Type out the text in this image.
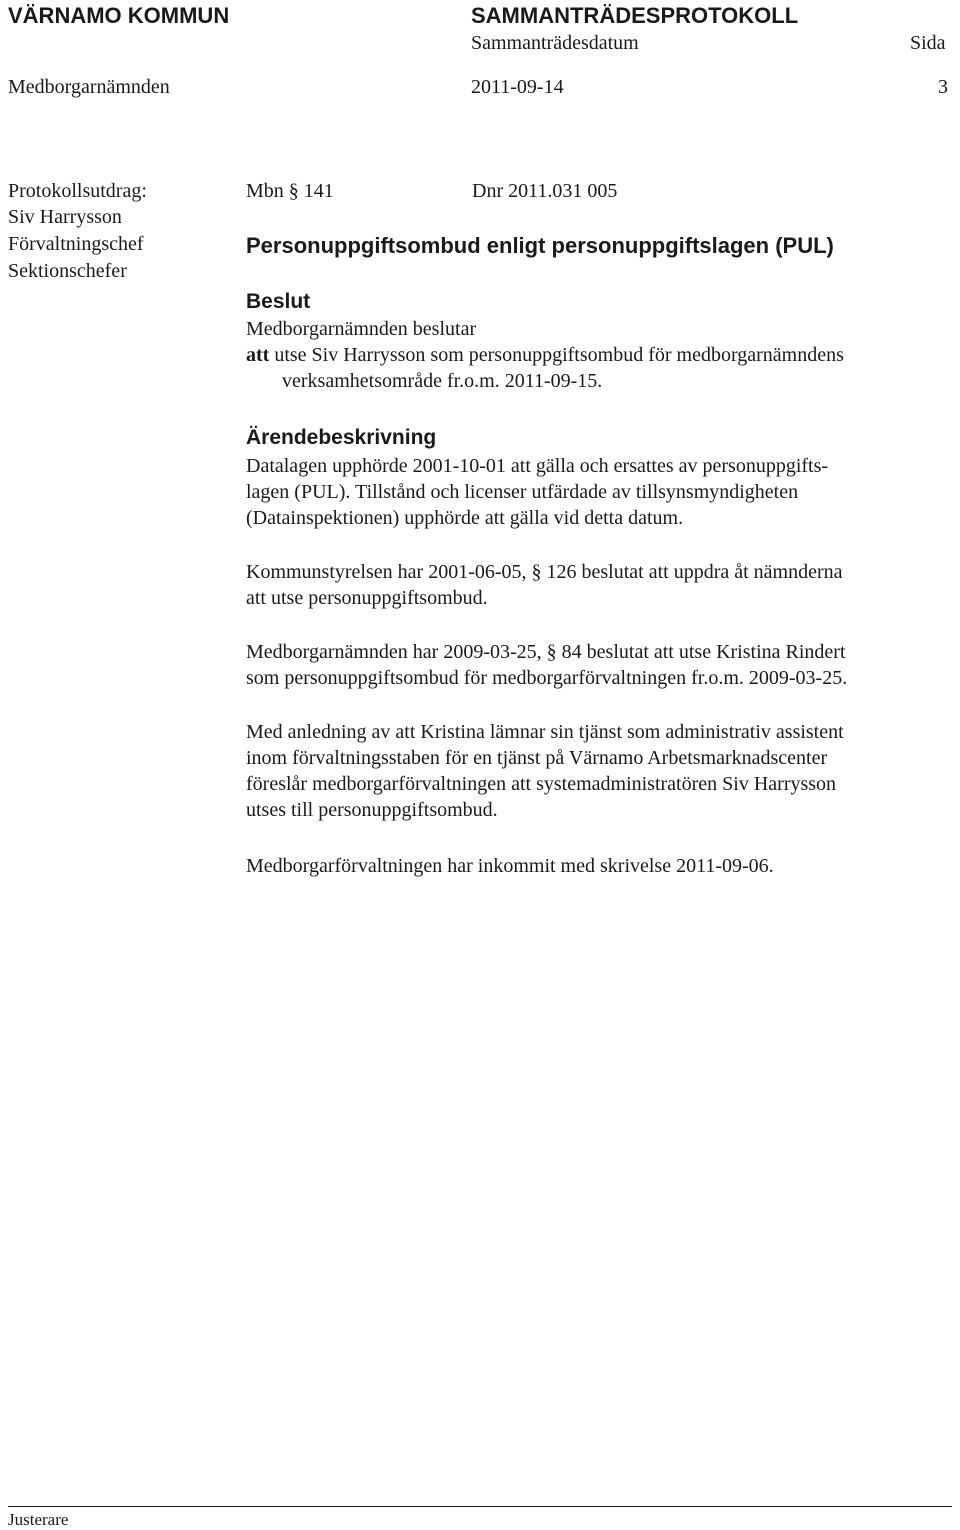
VÄRNAMO KOMMUN	SAMMANTRÄDESPROTOKOLL
Sammanträdesdatum	Sida
Medborgarnämnden	2011-09-14	3
Protokollsutdrag:
Siv Harrysson
Förvaltningschef
Sektionschefer
Mbn § 141	Dnr 2011.031 005
Personuppgiftsombud enligt personuppgiftslagen (PUL)
Beslut
Medborgarnämnden beslutar
att utse Siv Harrysson som personuppgiftsombud för medborgarnämndens
verksamhetsområde fr.o.m. 2011-09-15.
Ärendebeskrivning
Datalagen upphörde 2001-10-01 att gälla och ersattes av personuppgifts-
lagen (PUL). Tillstånd och licenser utfärdade av tillsynsmyndigheten
(Datainspektionen) upphörde att gälla vid detta datum.
Kommunstyrelsen har 2001-06-05, § 126 beslutat att uppdra åt nämnderna
att utse personuppgiftsombud.
Medborgarnämnden har 2009-03-25, § 84 beslutat att utse Kristina Rindert
som personuppgiftsombud för medborgarförvaltningen fr.o.m. 2009-03-25.
Med anledning av att Kristina lämnar sin tjänst som administrativ assistent
inom förvaltningsstaben för en tjänst på Värnamo Arbetsmarknadscenter
föreslår medborgarförvaltningen att systemadministratören Siv Harrysson
utses till personuppgiftsombud.
Medborgarförvaltningen har inkommit med skrivelse 2011-09-06.
Justerare
